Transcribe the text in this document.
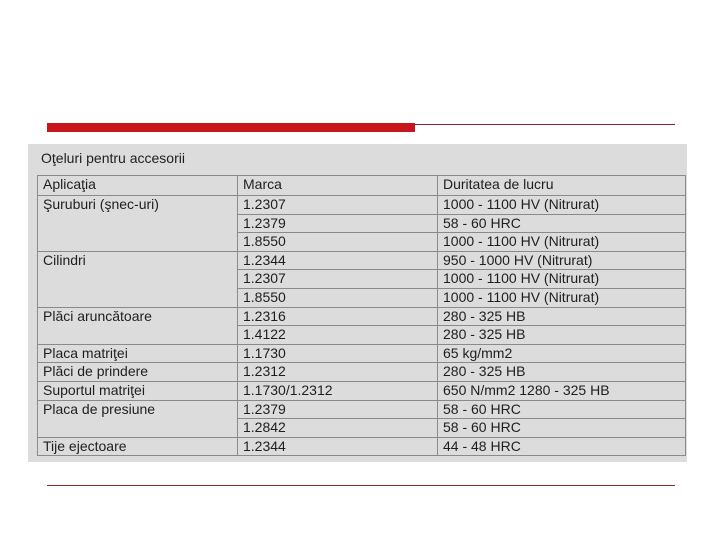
Oţeluri pentru accesorii
Aplicaţia	Marca	Duritatea de lucru
Şuruburi (şnec-uri)	1.2307	1000 - 1100 HV (Nitrurat)
	1.2379	58 - 60 HRC
	1.8550	1000 - 1100 HV (Nitrurat)
Cilindri	1.2344	950 - 1000 HV (Nitrurat)
	1.2307	1000 - 1100 HV (Nitrurat)
	1.8550	1000 - 1100 HV (Nitrurat)
Plăci aruncătoare	1.2316	280 - 325 HB
	1.4122	280 - 325 HB
Placa matriţei	1.1730	65 kg/mm2
Plăci de prindere	1.2312	280 - 325 HB
Suportul matriţei	1.1730/1.2312	650 N/mm2 1280 - 325 HB
Placa de presiune	1.2379	58 - 60 HRC
	1.2842	58 - 60 HRC
Tije ejectoare	1.2344	44 - 48 HRC
